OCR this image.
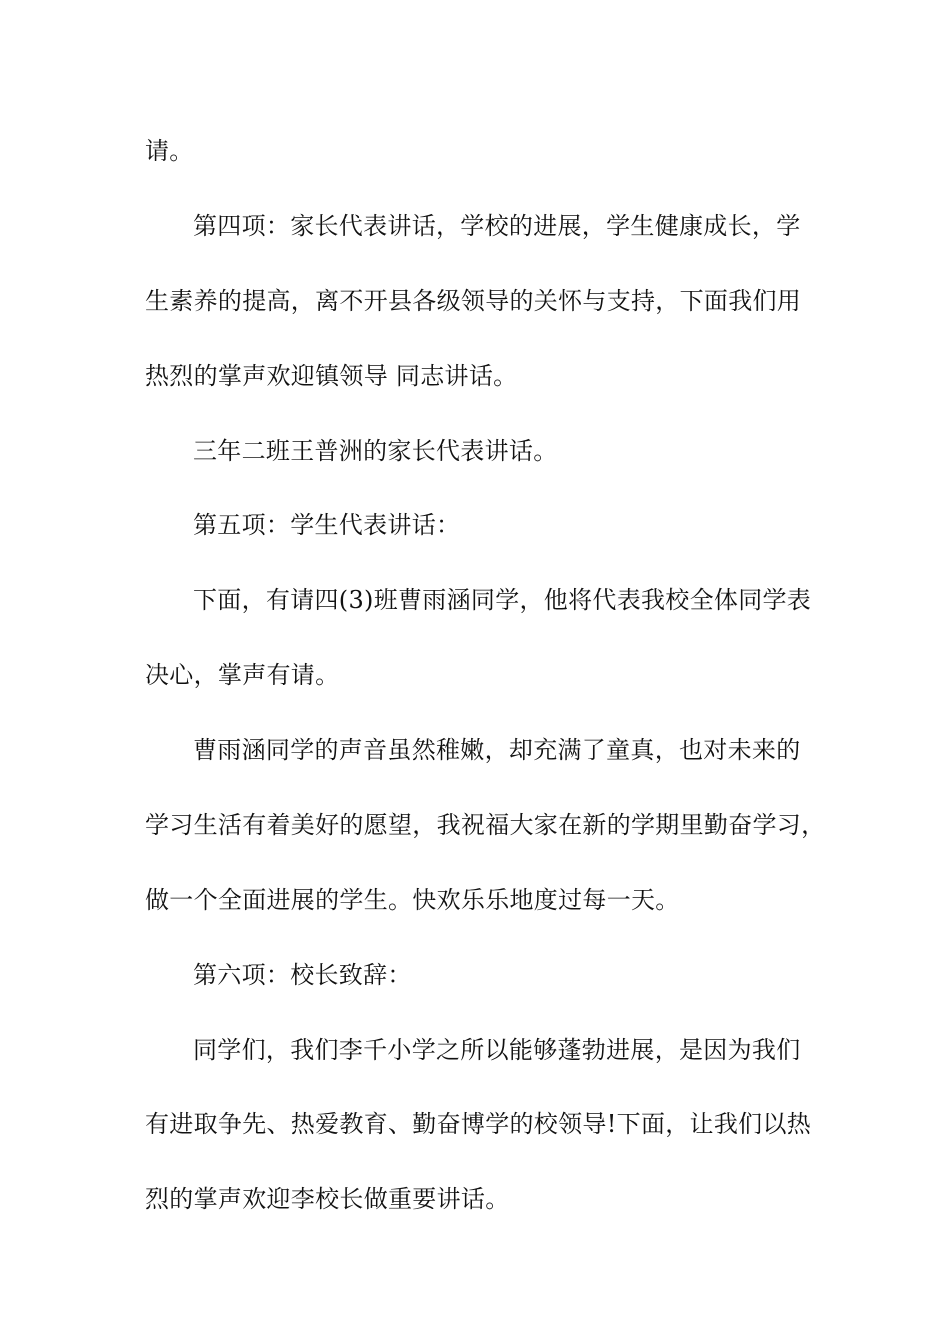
请。
第四项：家长代表讲话，学校的进展，学生健康成长，学
生素养的提高，离不开县各级领导的关怀与支持，下面我们用
热烈的掌声欢迎镇领导 同志讲话。
三年二班王普洲的家长代表讲话。
第五项：学生代表讲话：
下面，有请四(3)班曹雨涵同学，他将代表我校全体同学表
决心，掌声有请。
曹雨涵同学的声音虽然稚嫩，却充满了童真，也对未来的
学习生活有着美好的愿望，我祝福大家在新的学期里勤奋学习，
做一个全面进展的学生。快欢乐乐地度过每一天。
第六项：校长致辞：
同学们，我们李千小学之所以能够蓬勃进展，是因为我们
有进取争先、热爱教育、勤奋博学的校领导!下面，让我们以热
烈的掌声欢迎李校长做重要讲话。
